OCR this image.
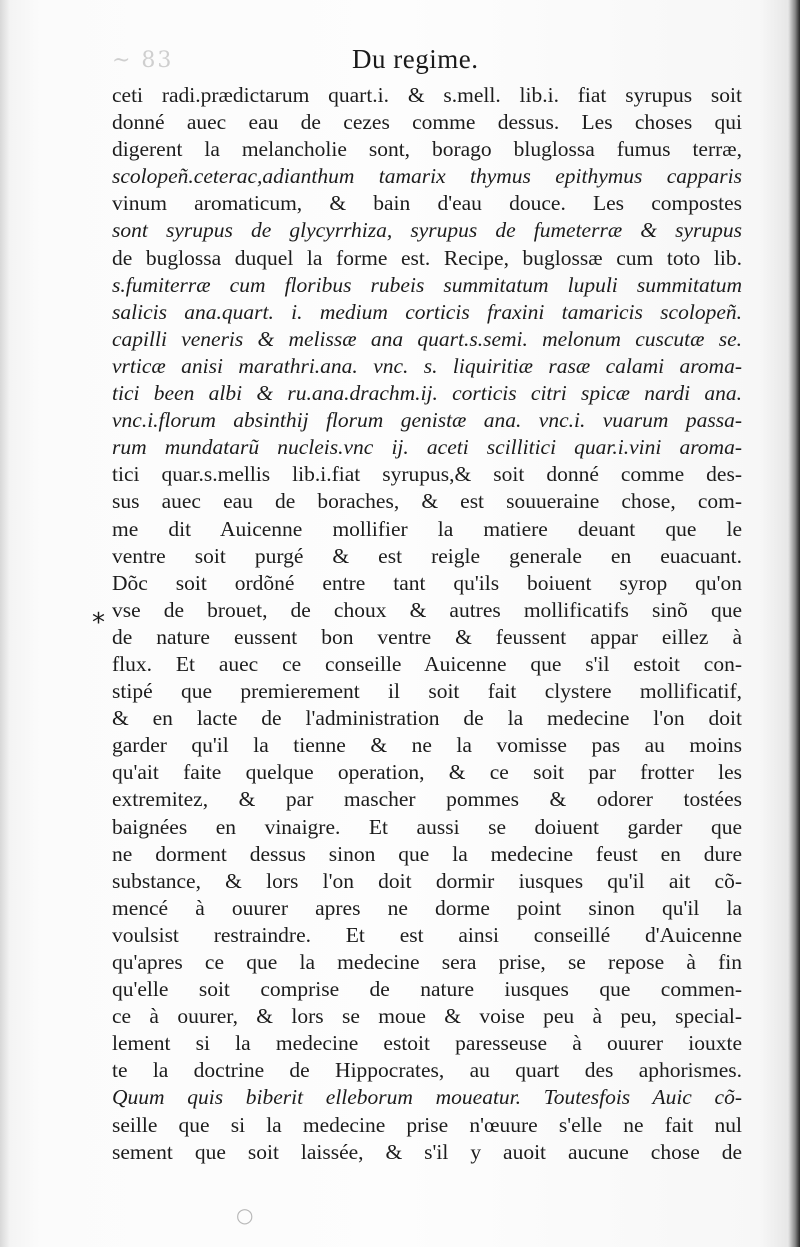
~ 83	Du regime.
*
ceti radi.prædictarum quart.i. & s.mell. lib.i. fiat syrupus soit
donné auec eau de cezes comme dessus. Les choses qui
digerent la melancholie sont, borago bluglossa fumus terræ,
scolopeñ.ceterac,adianthum tamarix thymus epithymus capparis
vinum aromaticum, & bain d'eau douce. Les compostes
sont syrupus de glycyrrhiza, syrupus de fumeterræ & syrupus
de buglossa duquel la forme est. Recipe, buglossæ cum toto lib.
s.fumiterræ cum floribus rubeis summitatum lupuli summitatum
salicis ana.quart. i. medium corticis fraxini tamaricis scolopeñ.
capilli veneris & melissæ ana quart.s.semi. melonum cuscutæ se.
vrticæ anisi marathri.ana. vnc. s. liquiritiæ rasæ calami aroma-
tici been albi & ru.ana.drachm.ij. corticis citri spicæ nardi ana.
vnc.i.florum absinthij florum genistæ ana. vnc.i. vuarum passa-
rum mundatarũ nucleis.vnc ij. aceti scillitici quar.i.vini aroma-
tici quar.s.mellis lib.i.fiat syrupus,& soit donné comme des-
sus auec eau de boraches, & est souueraine chose, com-
me dit Auicenne mollifier la matiere deuant que le
ventre soit purgé & est reigle generale en euacuant.
Dõc soit ordõné entre tant qu'ils boiuent syrop qu'on
vse de brouet, de choux & autres mollificatifs sinõ que
de nature eussent bon ventre & feussent appar eillez à
flux. Et auec ce conseille Auicenne que s'il estoit con-
stipé que premierement il soit fait clystere mollificatif,
& en lacte de l'administration de la medecine l'on doit
garder qu'il la tienne & ne la vomisse pas au moins
qu'ait faite quelque operation, & ce soit par frotter les
extremitez, & par mascher pommes & odorer tostées
baignées en vinaigre. Et aussi se doiuent garder que
ne dorment dessus sinon que la medecine feust en dure
substance, & lors l'on doit dormir iusques qu'il ait cõ-
mencé à ouurer apres ne dorme point sinon qu'il la
voulsist restraindre. Et est ainsi conseillé d'Auicenne
qu'apres ce que la medecine sera prise, se repose à fin
qu'elle soit comprise de nature iusques que commen-
ce à ouurer, & lors se moue & voise peu à peu, special-
lement si la medecine estoit paresseuse à ouurer iouxte
te la doctrine de Hippocrates, au quart des aphorismes.
Quum quis biberit elleborum moueatur. Toutesfois Auic cõ-
seille que si la medecine prise n'œuure s'elle ne fait nul
sement que soit laissée, & s'il y auoit aucune chose de
○
